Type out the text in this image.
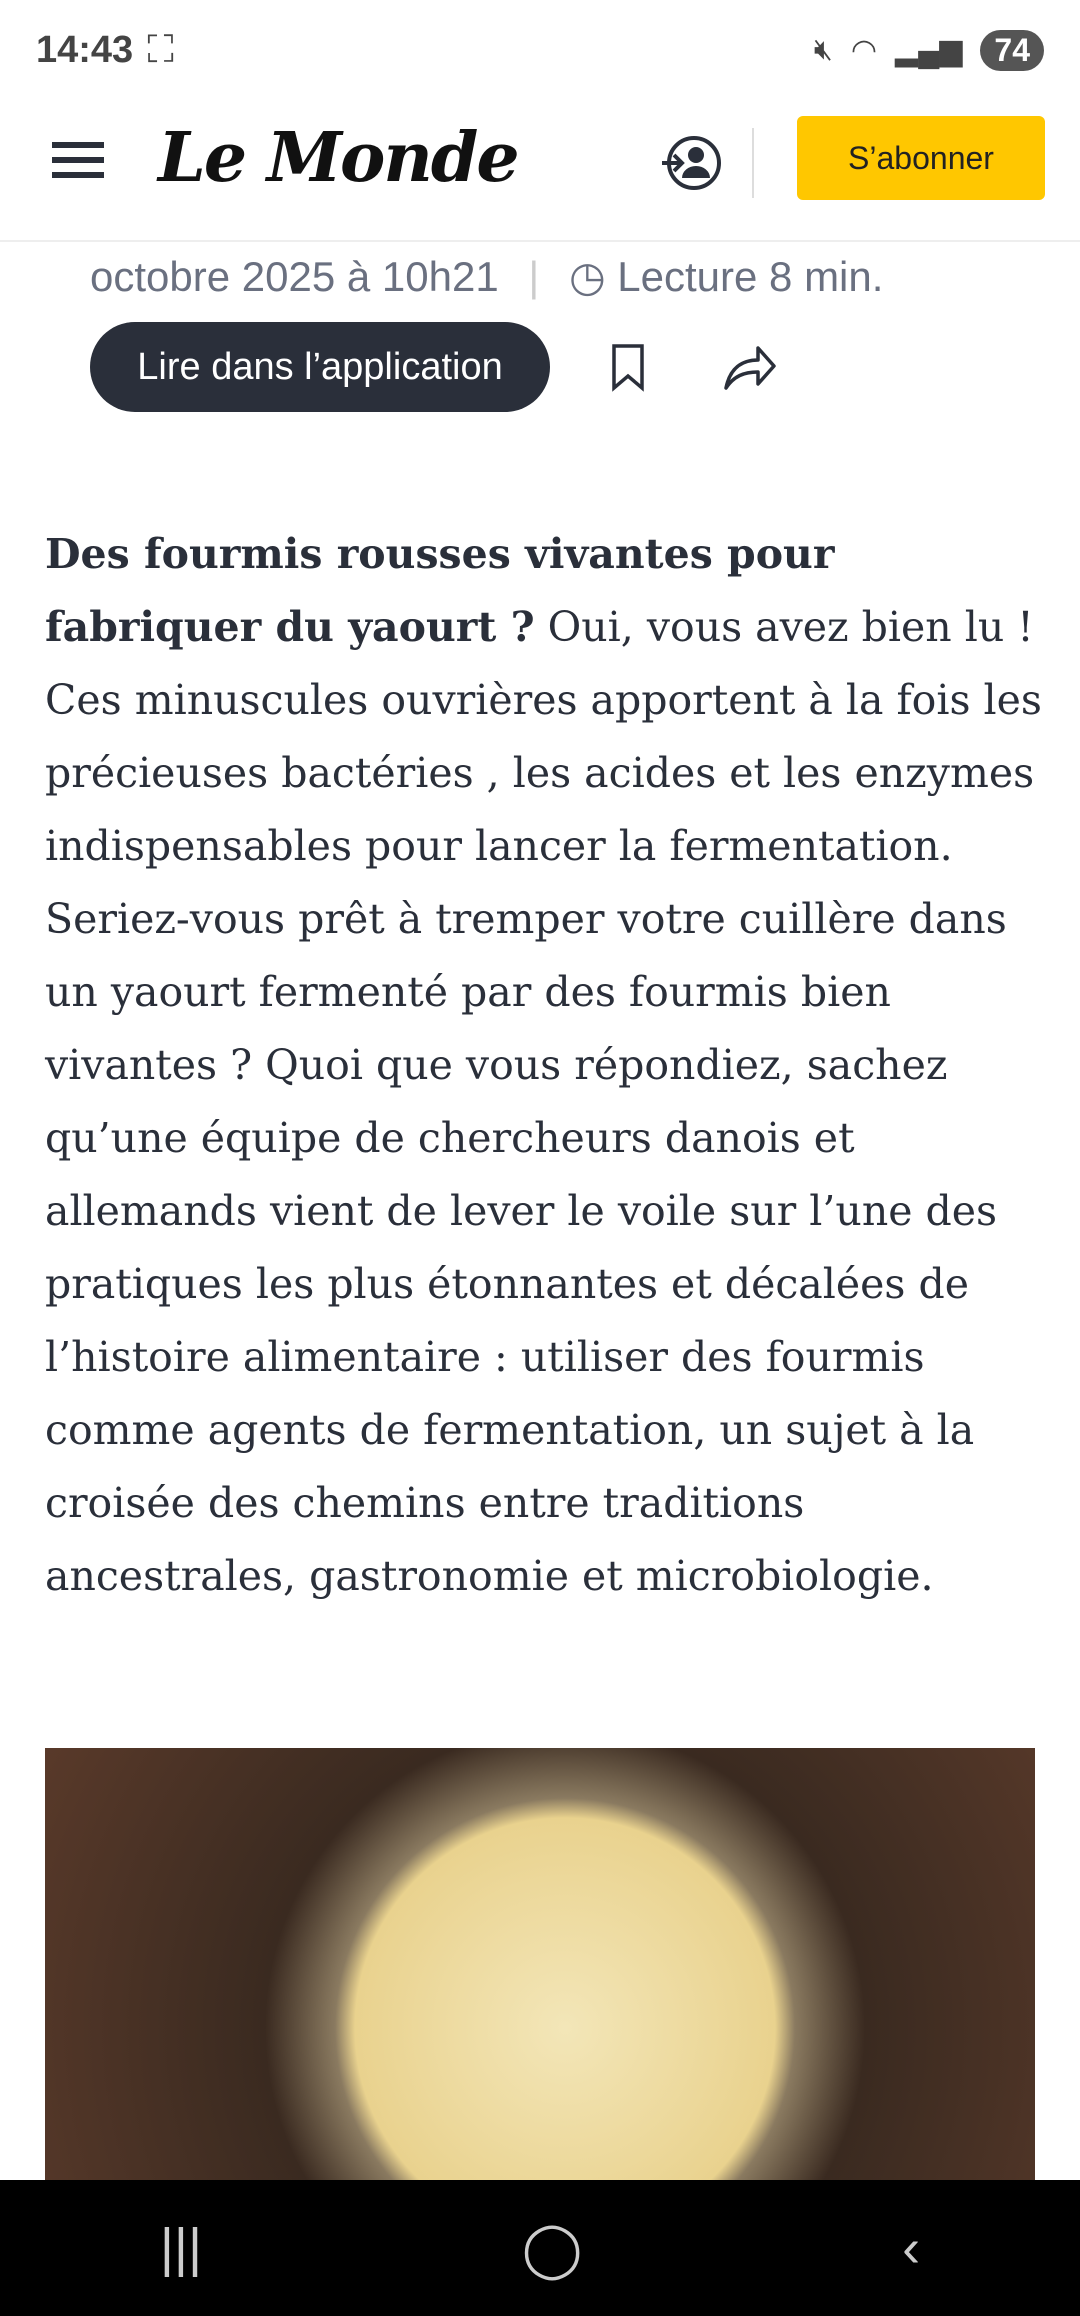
14:43 ⛶	🔇︎ ◠ ▂▄▆	74
Le Monde	S’abonner
octobre 2025 à 10h21 | ◷ Lecture 8 min.
Lire dans l’application

Des fourmis rousses vivantes pour fabriquer du yaourt ? Oui, vous avez bien lu ! Ces minuscules ouvrières apportent à la fois les précieuses bactéries , les acides et les enzymes indispensables pour lancer la fermentation. Seriez-vous prêt à tremper votre cuillère dans un yaourt fermenté par des fourmis bien vivantes ? Quoi que vous répondiez, sachez qu’une équipe de chercheurs danois et allemands vient de lever le voile sur l’une des pratiques les plus étonnantes et décalées de l’histoire alimentaire : utiliser des fourmis comme agents de fermentation, un sujet à la croisée des chemins entre traditions ancestrales, gastronomie et microbiologie.

|||	◯	‹
